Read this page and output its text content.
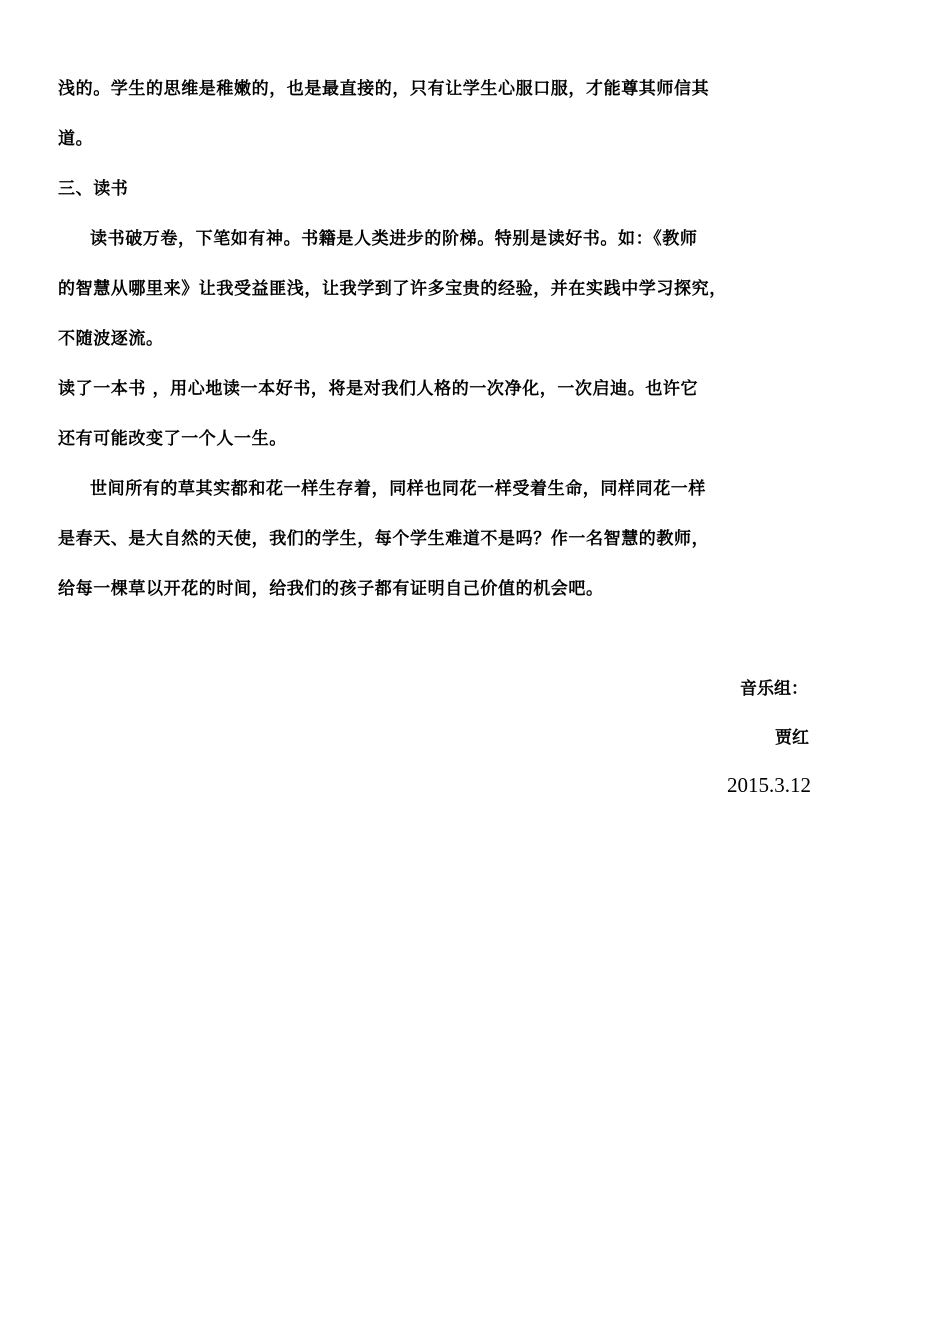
浅的。学生的思维是稚嫩的，也是最直接的，只有让学生心服口服，才能尊其师信其
道。
三、读书
读书破万卷，下笔如有神。书籍是人类进步的阶梯。特别是读好书。如：《教师
的智慧从哪里来》让我受益匪浅，让我学到了许多宝贵的经验，并在实践中学习探究，
不随波逐流。
读了一本书 ，用心地读一本好书，将是对我们人格的一次净化，一次启迪。也许它
还有可能改变了一个人一生。
世间所有的草其实都和花一样生存着，同样也同花一样受着生命，同样同花一样
是春天、是大自然的天使，我们的学生，每个学生难道不是吗？作一名智慧的教师，
给每一棵草以开花的时间，给我们的孩子都有证明自己价值的机会吧。
音乐组：
贾红
2015.3.12
